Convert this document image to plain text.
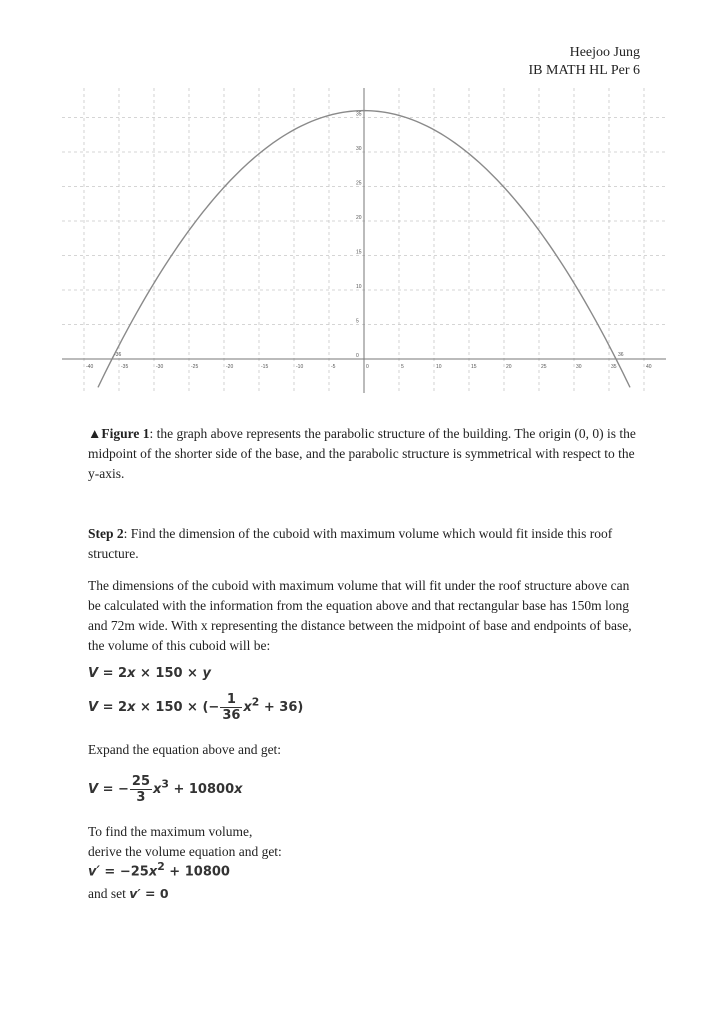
Heejoo Jung
IB MATH HL Per 6
-40	-35	-30	-25	-20	-15	-10	-5	0	5	10	15	20	25	30	35	40
0
5
10
15
20
25
30
35
-36	36
▲Figure 1: the graph above represents the parabolic structure of the building. The origin (0, 0) is the midpoint of the shorter side of the base, and the parabolic structure is symmetrical with respect to the y-axis.
Step 2: Find the dimension of the cuboid with maximum volume which would fit inside this roof structure.
The dimensions of the cuboid with maximum volume that will fit under the roof structure above can be calculated with the information from the equation above and that rectangular base has 150m long and 72m wide. With x representing the distance between the midpoint of base and endpoints of base, the volume of this cuboid will be:
V = 2x × 150 × y
V = 2x × 150 × (− $\frac{1}{36} x^2 + 36$)
Expand the equation above and get:
V = − $\frac{25}{3} x^3 + 10800x$
To find the maximum volume,
derive the volume equation and get:
$v' = -25x^2 + 10800$
and set v′ = 0
